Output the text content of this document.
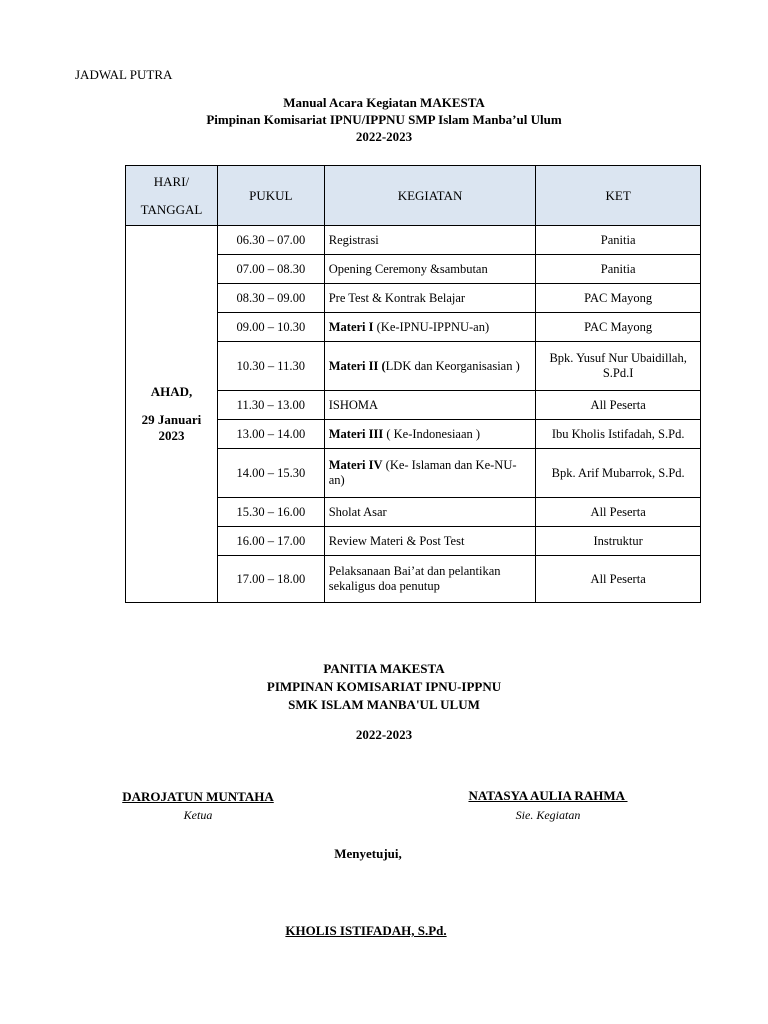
JADWAL PUTRA
Manual Acara Kegiatan MAKESTA
Pimpinan Komisariat IPNU/IPPNU SMP Islam Manba’ul Ulum
2022-2023
HARI/
TANGGAL	PUKUL	KEGIATAN	KET

AHAD,
29 Januari
2023	06.30 – 07.00	Registrasi	Panitia
	07.00 – 08.30	Opening Ceremony &sambutan	Panitia
	08.30 – 09.00	Pre Test & Kontrak Belajar	PAC Mayong
	09.00 – 10.30	Materi I (Ke-IPNU-IPPNU-an)	PAC Mayong
	10.30 – 11.30	Materi II (LDK dan Keorganisasian )	Bpk. Yusuf Nur Ubaidillah, S.Pd.I
	11.30 – 13.00	ISHOMA	All Peserta
	13.00 – 14.00	Materi III ( Ke-Indonesiaan )	Ibu Kholis Istifadah, S.Pd.
	14.00 – 15.30	Materi IV (Ke- Islaman dan Ke-NU-an)	Bpk. Arif Mubarrok, S.Pd.
	15.30 – 16.00	Sholat Asar	All Peserta
	16.00 – 17.00	Review Materi & Post Test	Instruktur
	17.00 – 18.00	Pelaksanaan Bai’at dan pelantikan sekaligus doa penutup	All Peserta
PANITIA MAKESTA
PIMPINAN KOMISARIAT IPNU-IPPNU
SMK ISLAM MANBA'UL ULUM
2022-2023
DAROJATUN MUNTAHA
Ketua
NATASYA AULIA RAHMA
Sie. Kegiatan
Menyetujui,
KHOLIS ISTIFADAH, S.Pd.
